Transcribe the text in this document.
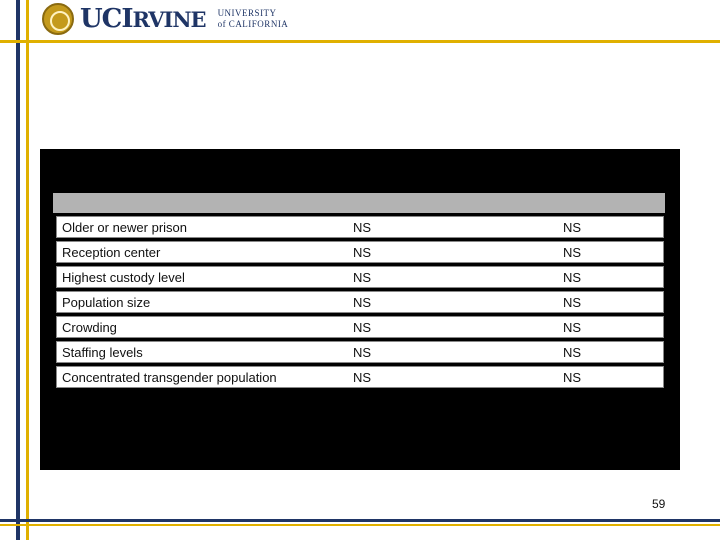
UCIRVINE UNIVERSITY
of CALIFORNIA
Older or newer prison	NS	NS
Reception center	NS	NS
Highest custody level	NS	NS
Population size	NS	NS
Crowding	NS	NS
Staffing levels	NS	NS
Concentrated transgender population	NS	NS
59
